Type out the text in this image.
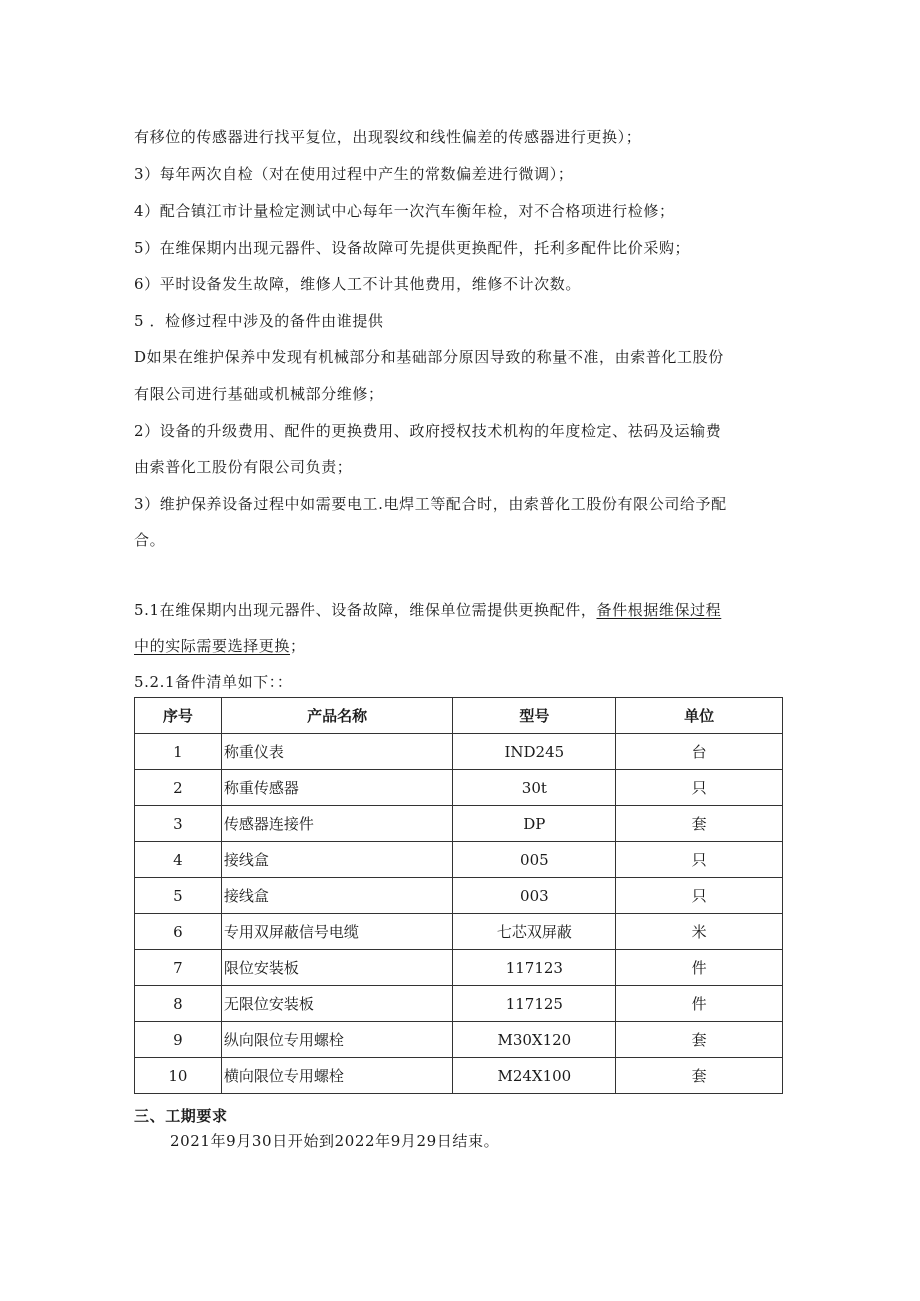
有移位的传感器进行找平复位，出现裂纹和线性偏差的传感器进行更换）；
3）每年两次自检（对在使用过程中产生的常数偏差进行微调）；
4）配合镇江市计量检定测试中心每年一次汽车衡年检，对不合格项进行检修；
5）在维保期内出现元器件、设备故障可先提供更换配件，托利多配件比价采购；
6）平时设备发生故障，维修人工不计其他费用，维修不计次数。
5 ．检修过程中涉及的备件由谁提供
D如果在维护保养中发现有机械部分和基础部分原因导致的称量不准，由索普化工股份
有限公司进行基础或机械部分维修；
2）设备的升级费用、配件的更换费用、政府授权技术机构的年度检定、祛码及运输费
由索普化工股份有限公司负责；
3）维护保养设备过程中如需要电工.电焊工等配合时，由索普化工股份有限公司给予配
合。
5.1在维保期内出现元器件、设备故障，维保单位需提供更换配件，备件根据维保过程
中的实际需要选择更换；
5.2.1备件清单如下：：
序号	产品名称	型号	单位
1	称重仪表	IND245	台
2	称重传感器	30t	只
3	传感器连接件	DP	套
4	接线盒	005	只
5	接线盒	003	只
6	专用双屏蔽信号电缆	七芯双屏蔽	米
7	限位安装板	117123	件
8	无限位安装板	117125	件
9	纵向限位专用螺栓	M30X120	套
10	横向限位专用螺栓	M24X100	套
三、工期要求
2021年9月30日开始到2022年9月29日结束。
